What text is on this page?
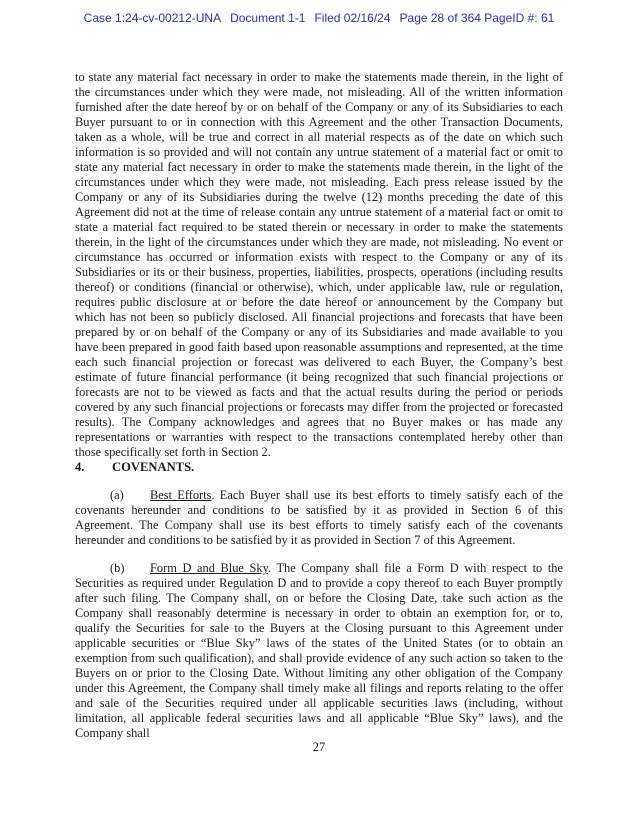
Case 1:24-cv-00212-UNA Document 1-1 Filed 02/16/24 Page 28 of 364 PageID #: 61

to state any material fact necessary in order to make the statements made therein, in the light of the circumstances under which they were made, not misleading. All of the written information furnished after the date hereof by or on behalf of the Company or any of its Subsidiaries to each Buyer pursuant to or in connection with this Agreement and the other Transaction Documents, taken as a whole, will be true and correct in all material respects as of the date on which such information is so provided and will not contain any untrue statement of a material fact or omit to state any material fact necessary in order to make the statements made therein, in the light of the circumstances under which they were made, not misleading. Each press release issued by the Company or any of its Subsidiaries during the twelve (12) months preceding the date of this Agreement did not at the time of release contain any untrue statement of a material fact or omit to state a material fact required to be stated therein or necessary in order to make the statements therein, in the light of the circumstances under which they are made, not misleading. No event or circumstance has occurred or information exists with respect to the Company or any of its Subsidiaries or its or their business, properties, liabilities, prospects, operations (including results thereof) or conditions (financial or otherwise), which, under applicable law, rule or regulation, requires public disclosure at or before the date hereof or announcement by the Company but which has not been so publicly disclosed. All financial projections and forecasts that have been prepared by or on behalf of the Company or any of its Subsidiaries and made available to you have been prepared in good faith based upon reasonable assumptions and represented, at the time each such financial projection or forecast was delivered to each Buyer, the Company’s best estimate of future financial performance (it being recognized that such financial projections or forecasts are not to be viewed as facts and that the actual results during the period or periods covered by any such financial projections or forecasts may differ from the projected or forecasted results). The Company acknowledges and agrees that no Buyer makes or has made any representations or warranties with respect to the transactions contemplated hereby other than those specifically set forth in Section 2.

4. COVENANTS.

(a) Best Efforts. Each Buyer shall use its best efforts to timely satisfy each of the covenants hereunder and conditions to be satisfied by it as provided in Section 6 of this Agreement. The Company shall use its best efforts to timely satisfy each of the covenants hereunder and conditions to be satisfied by it as provided in Section 7 of this Agreement.

(b) Form D and Blue Sky. The Company shall file a Form D with respect to the Securities as required under Regulation D and to provide a copy thereof to each Buyer promptly after such filing. The Company shall, on or before the Closing Date, take such action as the Company shall reasonably determine is necessary in order to obtain an exemption for, or to, qualify the Securities for sale to the Buyers at the Closing pursuant to this Agreement under applicable securities or “Blue Sky” laws of the states of the United States (or to obtain an exemption from such qualification), and shall provide evidence of any such action so taken to the Buyers on or prior to the Closing Date. Without limiting any other obligation of the Company under this Agreement, the Company shall timely make all filings and reports relating to the offer and sale of the Securities required under all applicable securities laws (including, without limitation, all applicable federal securities laws and all applicable “Blue Sky” laws), and the Company shall

27
